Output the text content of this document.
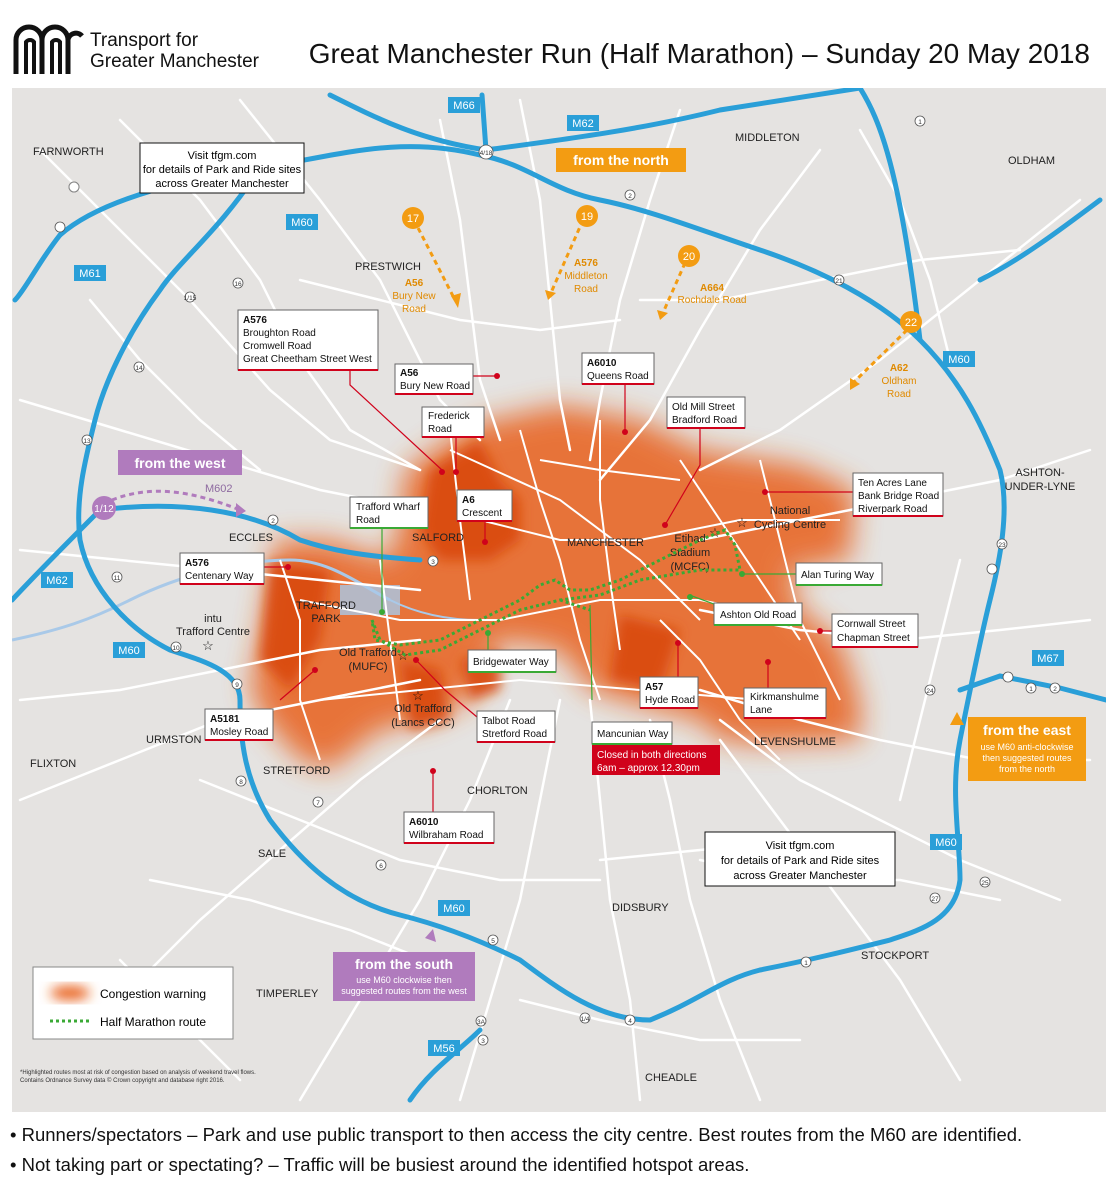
Transport for
Greater Manchester Great Manchester Run (Half Marathon) – Sunday 20 May 2018
4/18
2
1
1/15
16
14
13
11
10
9
8
7
6
5
4
3
3A	1/4
1
27
25
23
24
21
2
3
1	2
M66
M62
M60
M61
M62
M60
M60
M67
M60
M60
M56
M602
FARNWORTH
MIDDLETON
OLDHAM
PRESTWICH
ASHTON-
UNDER-LYNE
ECCLES	SALFORD	MANCHESTER
TRAFFORD
PARK
intu
Trafford Centre
URMSTON
FLIXTON
STRETFORD
CHORLTON
LEVENSHULME
SALE
DIDSBURY
STOCKPORT
TIMPERLEY
CHEADLE
Etihad
Stadium
(MCFC)
National
Cycling Centre
Old Trafford
(MUFC)
Old Trafford
(Lancs CCC)
☆
☆
☆
☆
☆
17	19
20
22
A56
Bury New
Road
A576
Middleton
Road	A664
Rochdale Road
A62
Oldham
Road
1/12
from the north
from the west
from the east
use M60 anti-clockwise
then suggested routes
from the north
from the south
use M60 clockwise then
suggested routes from the west
Visit tfgm.com
for details of Park and Ride sites
across Greater Manchester
Visit tfgm.com
for details of Park and Ride sites
across Greater Manchester
A576
Broughton Road
Cromwell Road
Great Cheetham Street West
A56
Bury New Road
Frederick
Road
A6010
Queens Road
Old Mill Street
Bradford Road
A6
Crescent
Ten Acres Lane
Bank Bridge Road
Riverpark Road
A576
Centenary Way
Cornwall Street
Chapman Street
A57
Hyde Road	Kirkmanshulme
Lane
Talbot Road
Stretford Road
A5181
Mosley Road
A6010
Wilbraham Road
Trafford Wharf
Road
Alan Turing Way
Ashton Old Road
Bridgewater Way
Mancunian Way
Closed in both directions
6am – approx 12.30pm
Congestion warning
Half Marathon route
*Highlighted routes most at risk of congestion based on analysis of weekend travel flows.
Contains Ordnance Survey data © Crown copyright and database right 2016.
• Runners/spectators – Park and use public transport to then access the city centre. Best routes from the M60 are identified.
• Not taking part or spectating? – Traffic will be busiest around the identified hotspot areas.
